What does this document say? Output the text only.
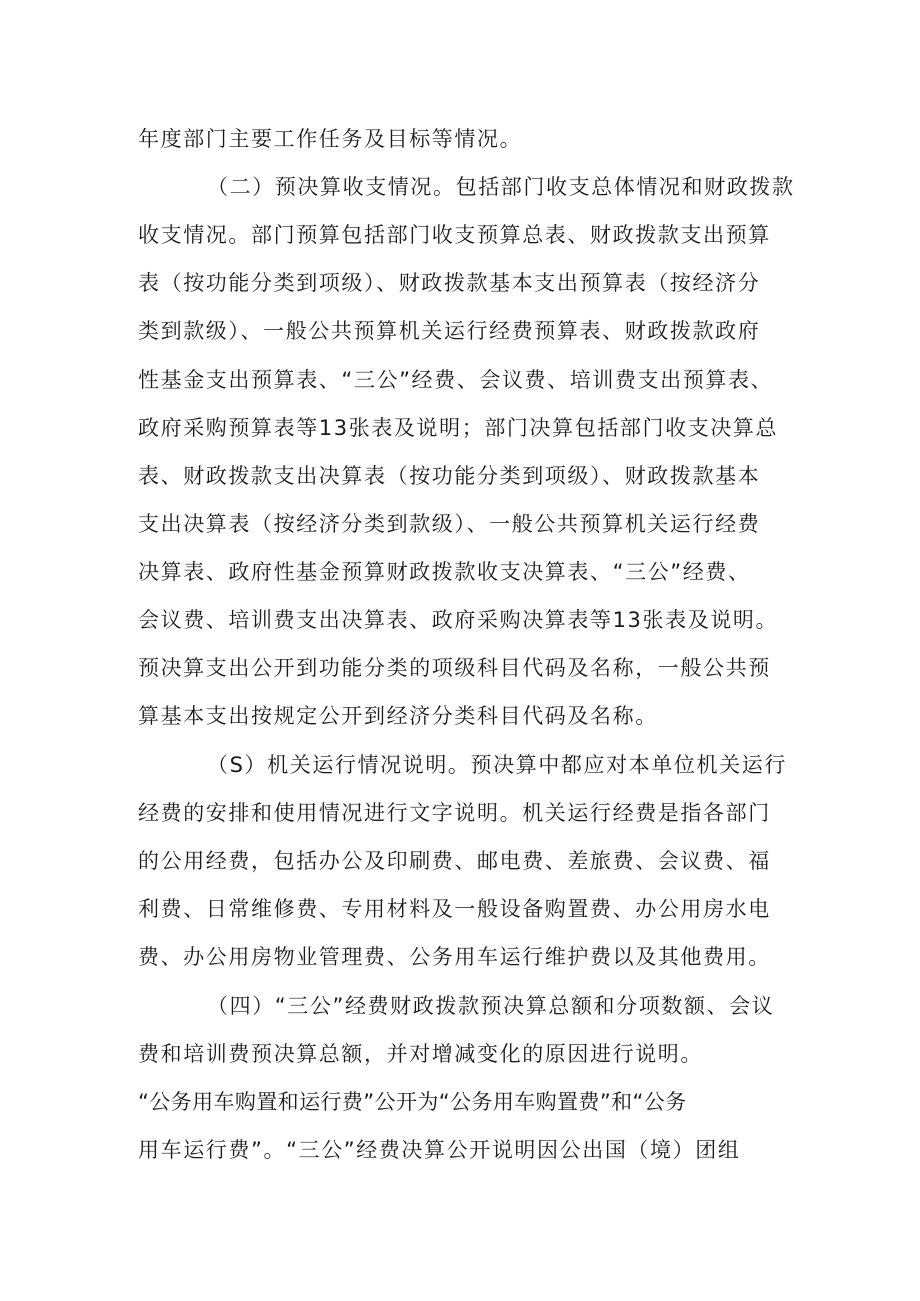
年度部门主要工作任务及目标等情况。
（二）预决算收支情况。包括部门收支总体情况和财政拨款
收支情况。部门预算包括部门收支预算总表、财政拨款支出预算
表（按功能分类到项级）、财政拨款基本支出预算表（按经济分
类到款级）、一般公共预算机关运行经费预算表、财政拨款政府
性基金支出预算表、“三公”经费、会议费、培训费支出预算表、
政府采购预算表等13张表及说明；部门决算包括部门收支决算总
表、财政拨款支出决算表（按功能分类到项级）、财政拨款基本
支出决算表（按经济分类到款级）、一般公共预算机关运行经费
决算表、政府性基金预算财政拨款收支决算表、“三公”经费、
会议费、培训费支出决算表、政府采购决算表等13张表及说明。
预决算支出公开到功能分类的项级科目代码及名称，一般公共预
算基本支出按规定公开到经济分类科目代码及名称。
（S）机关运行情况说明。预决算中都应对本单位机关运行
经费的安排和使用情况进行文字说明。机关运行经费是指各部门
的公用经费，包括办公及印刷费、邮电费、差旅费、会议费、福
利费、日常维修费、专用材料及一般设备购置费、办公用房水电
费、办公用房物业管理费、公务用车运行维护费以及其他费用。
（四）“三公”经费财政拨款预决算总额和分项数额、会议
费和培训费预决算总额，并对增减变化的原因进行说明。
“公务用车购置和运行费”公开为“公务用车购置费”和“公务
用车运行费”。“三公”经费决算公开说明因公出国（境）团组
